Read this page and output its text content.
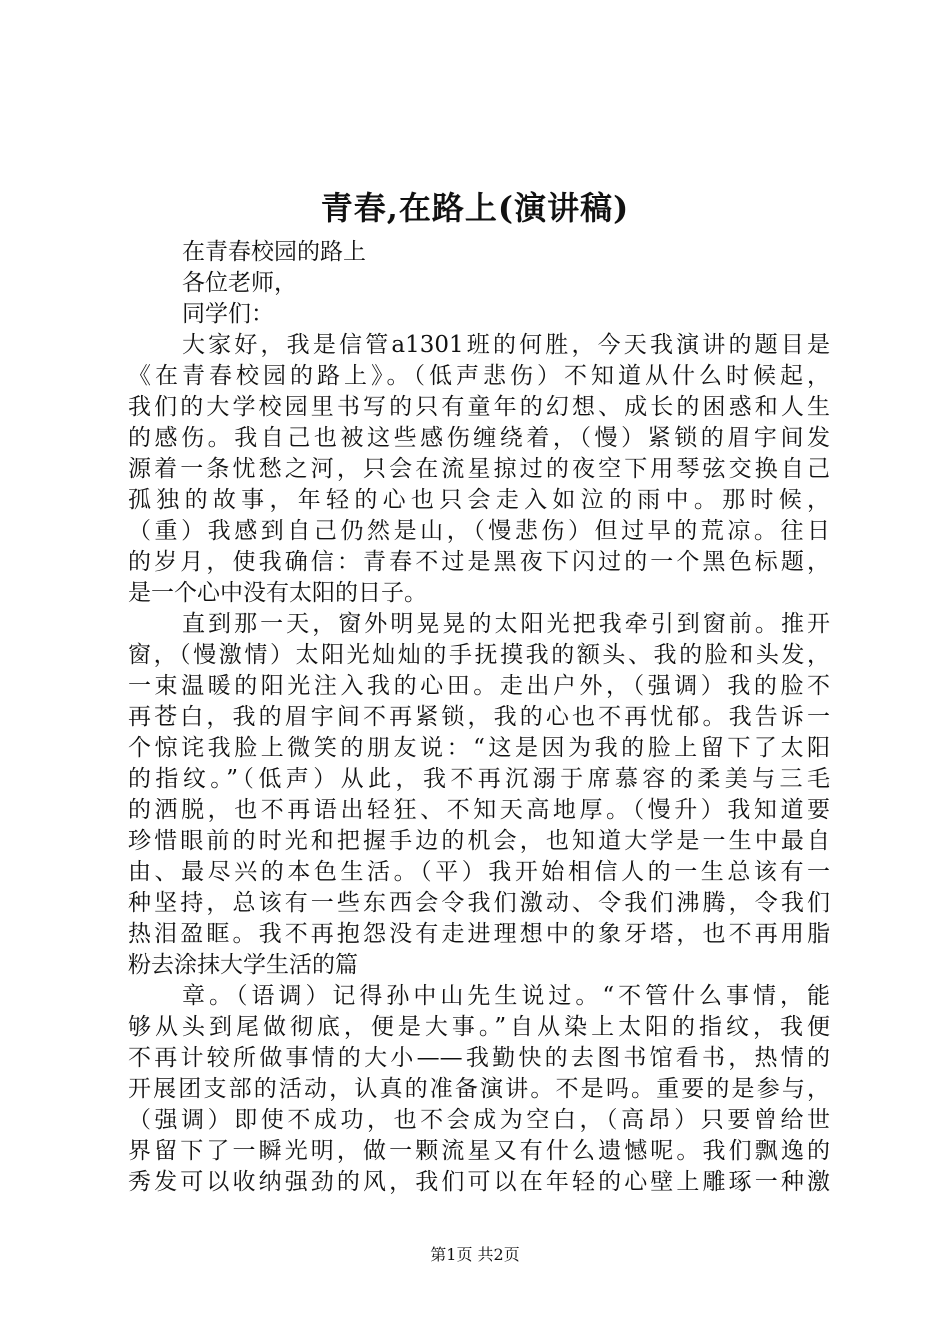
青春,在路上(演讲稿)
在青春校园的路上
各位老师，
同学们：
大家好，我是信管a1301班的何胜，今天我演讲的题目是
《在青春校园的路上》。（低声悲伤）不知道从什么时候起，
我们的大学校园里书写的只有童年的幻想、成长的困惑和人生
的感伤。我自己也被这些感伤缠绕着，（慢）紧锁的眉宇间发
源着一条忧愁之河，只会在流星掠过的夜空下用琴弦交换自己
孤独的故事，年轻的心也只会走入如泣的雨中。那时候，
（重）我感到自己仍然是山，（慢悲伤）但过早的荒凉。往日
的岁月，使我确信：青春不过是黑夜下闪过的一个黑色标题，
是一个心中没有太阳的日子。
直到那一天，窗外明晃晃的太阳光把我牵引到窗前。推开
窗，（慢激情）太阳光灿灿的手抚摸我的额头、我的脸和头发，
一束温暖的阳光注入我的心田。走出户外，（强调）我的脸不
再苍白，我的眉宇间不再紧锁，我的心也不再忧郁。我告诉一
个惊诧我脸上微笑的朋友说：“这是因为我的脸上留下了太阳
的指纹。”（低声）从此，我不再沉溺于席慕容的柔美与三毛
的洒脱，也不再语出轻狂、不知天高地厚。（慢升）我知道要
珍惜眼前的时光和把握手边的机会，也知道大学是一生中最自
由、最尽兴的本色生活。（平）我开始相信人的一生总该有一
种坚持，总该有一些东西会令我们激动、令我们沸腾，令我们
热泪盈眶。我不再抱怨没有走进理想中的象牙塔，也不再用脂
粉去涂抹大学生活的篇
章。（语调）记得孙中山先生说过。“不管什么事情，能
够从头到尾做彻底，便是大事。”自从染上太阳的指纹，我便
不再计较所做事情的大小——我勤快的去图书馆看书，热情的
开展团支部的活动，认真的准备演讲。不是吗。重要的是参与，
（强调）即使不成功，也不会成为空白，（高昂）只要曾给世
界留下了一瞬光明，做一颗流星又有什么遗憾呢。我们飘逸的
秀发可以收纳强劲的风，我们可以在年轻的心壁上雕琢一种激
第1页 共2页
